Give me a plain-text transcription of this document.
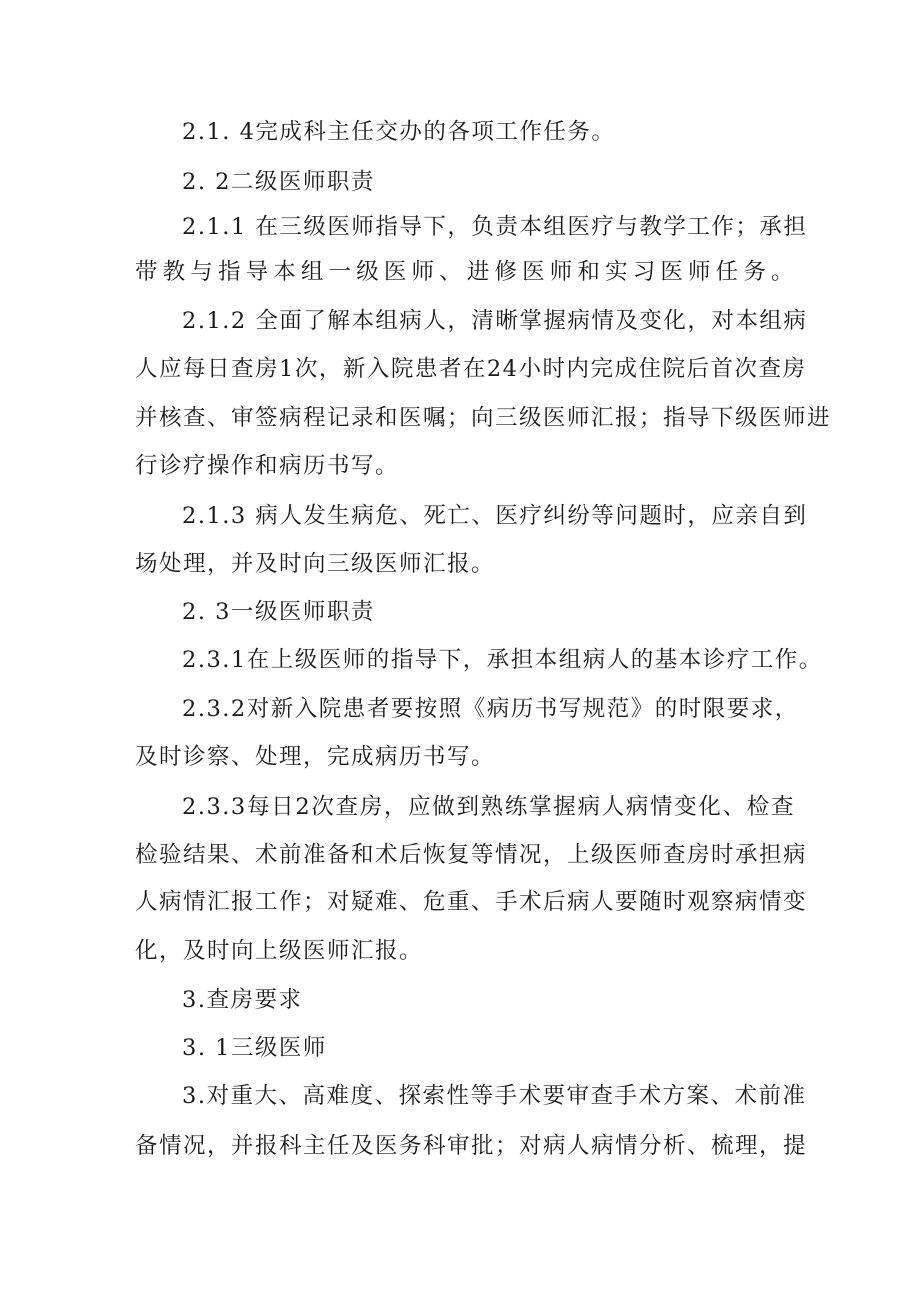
2.1. 4完成科主任交办的各项工作任务。
2. 2二级医师职责
2.1.1 在三级医师指导下，负责本组医疗与教学工作；承担
带教与指导本组一级医师、进修医师和实习医师任务。
2.1.2 全面了解本组病人，清晰掌握病情及变化，对本组病
人应每日查房1次，新入院患者在24小时内完成住院后首次查房
并核查、审签病程记录和医嘱；向三级医师汇报；指导下级医师进
行诊疗操作和病历书写。
2.1.3 病人发生病危、死亡、医疗纠纷等问题时，应亲自到
场处理，并及时向三级医师汇报。
2. 3一级医师职责
2.3.1在上级医师的指导下，承担本组病人的基本诊疗工作。
2.3.2对新入院患者要按照《病历书写规范》的时限要求，
及时诊察、处理，完成病历书写。
2.3.3每日2次查房，应做到熟练掌握病人病情变化、检查
检验结果、术前准备和术后恢复等情况，上级医师查房时承担病
人病情汇报工作；对疑难、危重、手术后病人要随时观察病情变
化，及时向上级医师汇报。
3.查房要求
3. 1三级医师
3.对重大、高难度、探索性等手术要审查手术方案、术前准
备情况，并报科主任及医务科审批；对病人病情分析、梳理，提
